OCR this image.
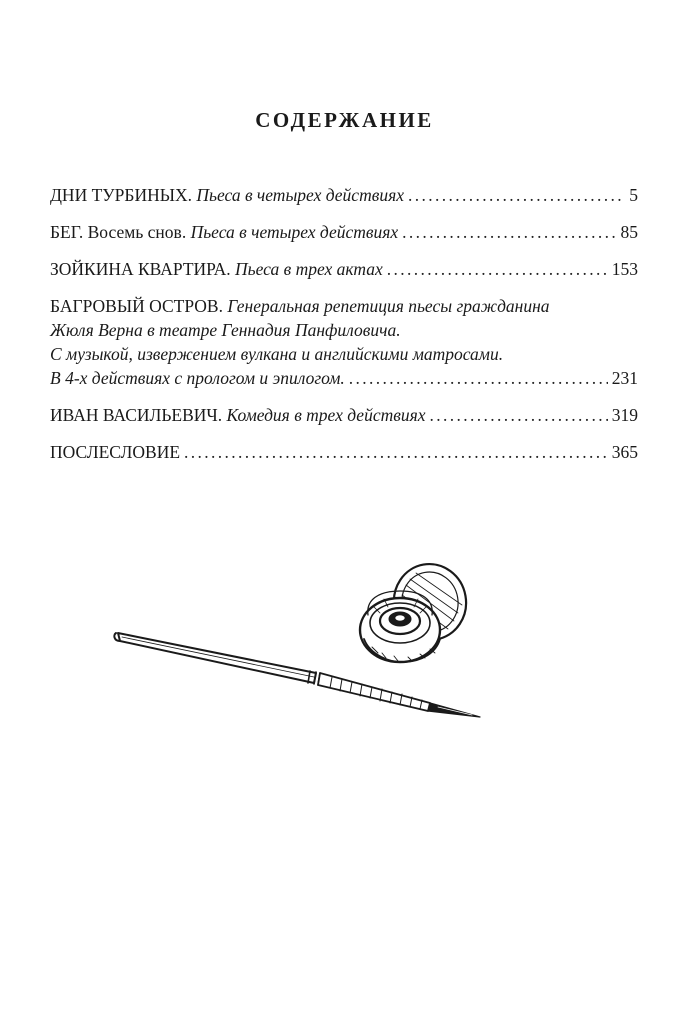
СОДЕРЖАНИЕ
ДНИ ТУРБИНЫХ. Пьеса в четырех действиях . . .	5
БЕГ. Восемь снов. Пьеса в четырех действиях . . .	85
ЗОЙКИНА КВАРТИРА. Пьеса в трех актах . . .	153
БАГРОВЫЙ ОСТРОВ. Генеральная репетиция пьесы гражданина
Жюля Верна в театре Геннадия Панфиловича.
С музыкой, извержением вулкана и английскими матросами.
В 4-х действиях с прологом и эпилогом. . . .	231
ИВАН ВАСИЛЬЕВИЧ. Комедия в трех действиях . . .	319
ПОСЛЕСЛОВИЕ . . .	365
